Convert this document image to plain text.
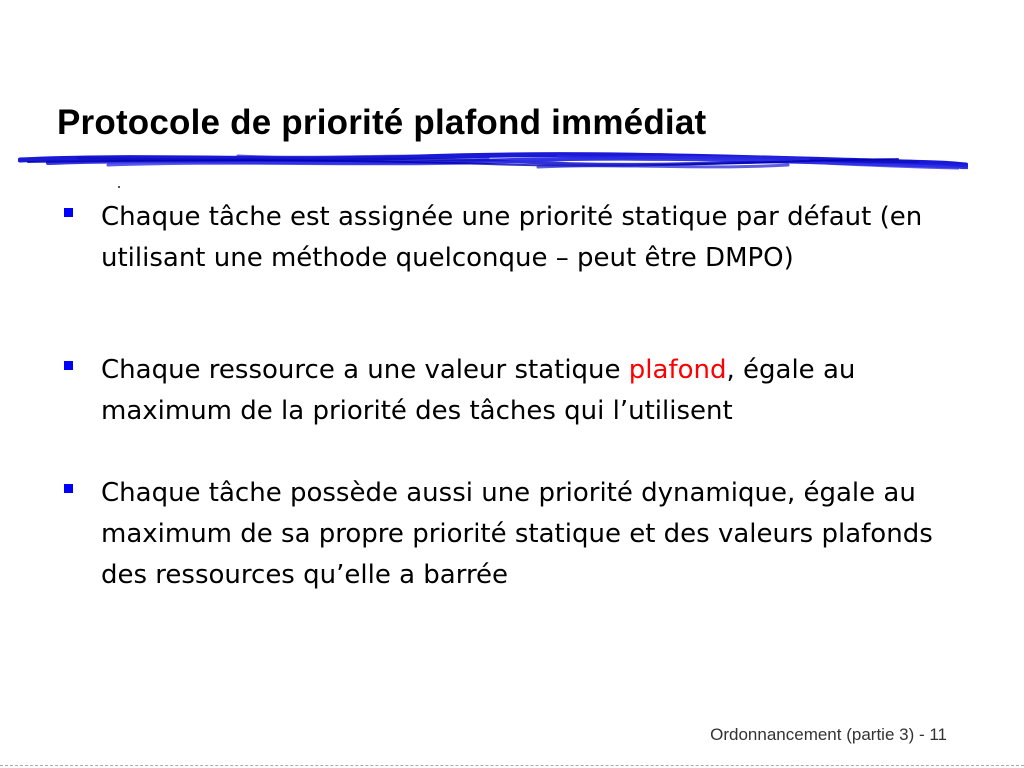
Protocole de priorité plafond immédiat

Chaque tâche est assignée une priorité statique par défaut (en utilisant une méthode quelconque – peut être DMPO)

Chaque ressource a une valeur statique plafond, égale au maximum de la priorité des tâches qui l’utilisent

Chaque tâche possède aussi une priorité dynamique, égale au maximum de sa propre priorité statique et des valeurs plafonds des ressources qu’elle a barrée

Ordonnancement (partie 3) - 11
